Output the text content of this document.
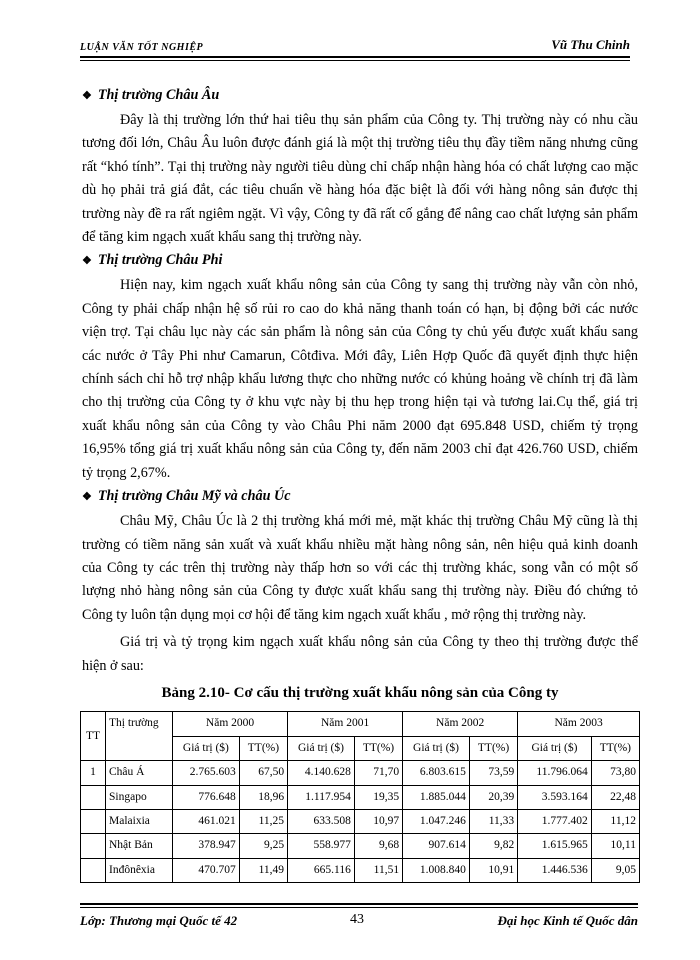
LUẬN VĂN TỐT NGHIỆP	Vũ Thu Chinh
❖ Thị trường Châu Âu

Đây là thị trường lớn thứ hai tiêu thụ sản phẩm của Công ty. Thị trường này có nhu cầu tương đối lớn, Châu Âu luôn được đánh giá là một thị trường tiêu thụ đầy tiềm năng nhưng cũng rất “khó tính”. Tại thị trường này người tiêu dùng chỉ chấp nhận hàng hóa có chất lượng cao mặc dù họ phải trả giá đắt, các tiêu chuẩn về hàng hóa đặc biệt là đối với hàng nông sản được thị trường này đề ra rất ngiêm ngặt. Vì vậy, Công ty đã rất cố gắng để nâng cao chất lượng sản phẩm để tăng kim ngạch xuất khẩu sang thị trường này.

❖ Thị trường Châu Phi

Hiện nay, kim ngạch xuất khẩu nông sản của Công ty sang thị trường này vẫn còn nhỏ, Công ty phải chấp nhận hệ số rủi ro cao do khả năng thanh toán có hạn, bị động bởi các nước viện trợ. Tại châu lục này các sản phẩm là nông sản của Công ty chủ yếu được xuất khẩu sang các nước ở Tây Phi như Camarun, Côtđiva. Mới đây, Liên Hợp Quốc đã quyết định thực hiện chính sách chỉ hỗ trợ nhập khẩu lương thực cho những nước có khủng hoảng về chính trị đã làm cho thị trường của Công ty ở khu vực này bị thu hẹp trong hiện tại và tương lai.Cụ thể, giá trị xuất khẩu nông sản của Công ty vào Châu Phi năm 2000 đạt 695.848 USD, chiếm tỷ trọng 16,95% tổng giá trị xuất khẩu nông sản của Công ty, đến năm 2003 chỉ đạt 426.760 USD, chiếm tỷ trọng 2,67%.

❖ Thị trường Châu Mỹ và châu Úc

Châu Mỹ, Châu Úc là 2 thị trường khá mới mẻ, mặt khác thị trường Châu Mỹ cũng là thị trường có tiềm năng sản xuất và xuất khẩu nhiều mặt hàng nông sản, nên hiệu quả kinh doanh của Công ty các trên thị trường này thấp hơn so với các thị trường khác, song vẫn có một số lượng nhỏ hàng nông sản của Công ty được xuất khẩu sang thị trường này. Điều đó chứng tỏ Công ty luôn tận dụng mọi cơ hội để tăng kim ngạch xuất khẩu , mở rộng thị trường này.

Giá trị và tỷ trọng kim ngạch xuất khẩu nông sản của Công ty theo thị trường được thể hiện ở sau:

Bảng 2.10- Cơ cấu thị trường xuất khẩu nông sản của Công ty
TT	Thị trường	Năm 2000		Năm 2001		Năm 2002		Năm 2003	
		Giá trị ($)	TT(%)	Giá trị ($)	TT(%)	Giá trị ($)	TT(%)	Giá trị ($)	TT(%)
1	Châu Á	2.765.603	67,50	4.140.628	71,70	6.803.615	73,59	11.796.064	73,80
	Singapo	776.648	18,96	1.117.954	19,35	1.885.044	20,39	3.593.164	22,48
	Malaixia	461.021	11,25	633.508	10,97	1.047.246	11,33	1.777.402	11,12
	Nhật Bản	378.947	9,25	558.977	9,68	907.614	9,82	1.615.965	10,11
	Inđônêxia	470.707	11,49	665.116	11,51	1.008.840	10,91	1.446.536	9,05
Lớp: Thương mại Quốc tế 42	43	Đại học Kinh tế Quốc dân
